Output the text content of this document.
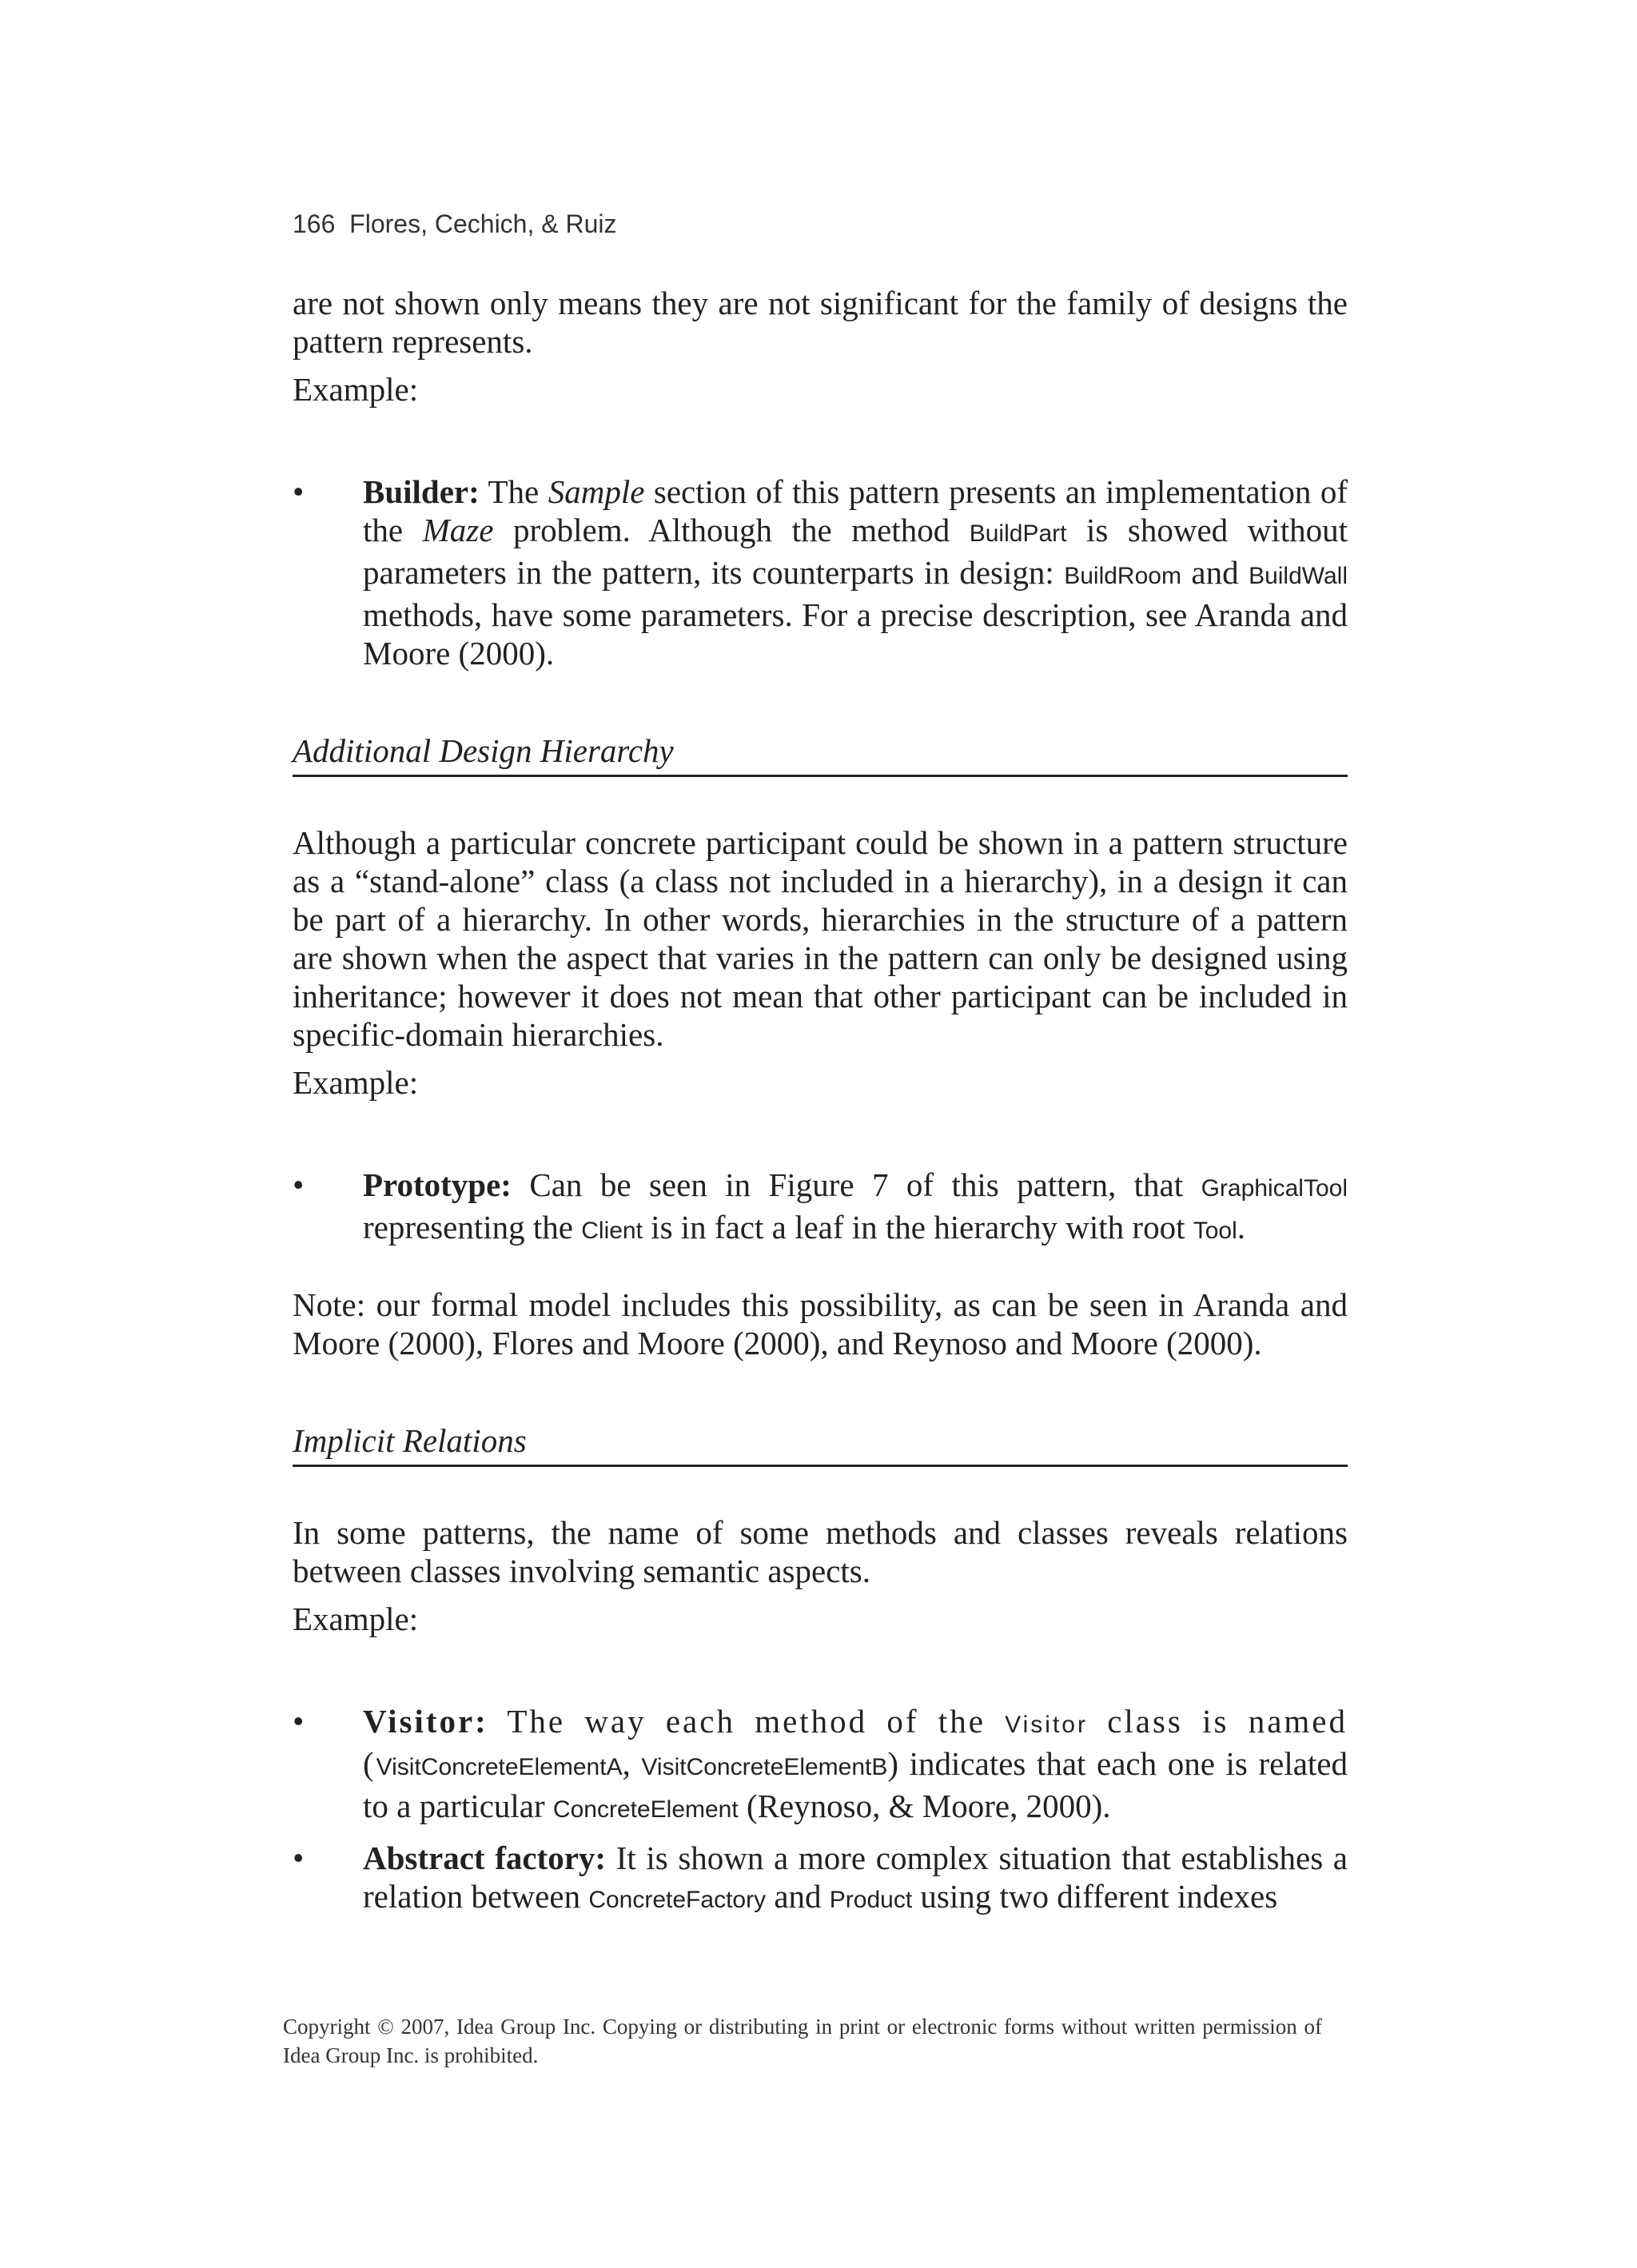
166 Flores, Cechich, & Ruiz

are not shown only means they are not significant for the family of designs the pattern represents.

Example:

• Builder: The Sample section of this pattern presents an implementation of the Maze problem. Although the method BuildPart is showed without parameters in the pattern, its counterparts in design: BuildRoom and BuildWall methods, have some parameters. For a precise description, see Aranda and Moore (2000).
Additional Design Hierarchy

Although a particular concrete participant could be shown in a pattern structure as a “stand-alone” class (a class not included in a hierarchy), in a design it can be part of a hierarchy. In other words, hierarchies in the structure of a pattern are shown when the aspect that varies in the pattern can only be designed using inheritance; however it does not mean that other participant can be included in specific-domain hierarchies.

Example:

• Prototype: Can be seen in Figure 7 of this pattern, that GraphicalTool representing the Client is in fact a leaf in the hierarchy with root Tool.

Note: our formal model includes this possibility, as can be seen in Aranda and Moore (2000), Flores and Moore (2000), and Reynoso and Moore (2000).

Implicit Relations

In some patterns, the name of some methods and classes reveals relations between classes involving semantic aspects.

Example:

• Visitor: The way each method of the Visitor class is named (VisitConcreteElementA, VisitConcreteElementB) indicates that each one is related to a particular ConcreteElement (Reynoso, & Moore, 2000).
• Abstract factory: It is shown a more complex situation that establishes a relation between ConcreteFactory and Product using two different indexes
Copyright © 2007, Idea Group Inc. Copying or distributing in print or electronic forms without written permission of Idea Group Inc. is prohibited.
